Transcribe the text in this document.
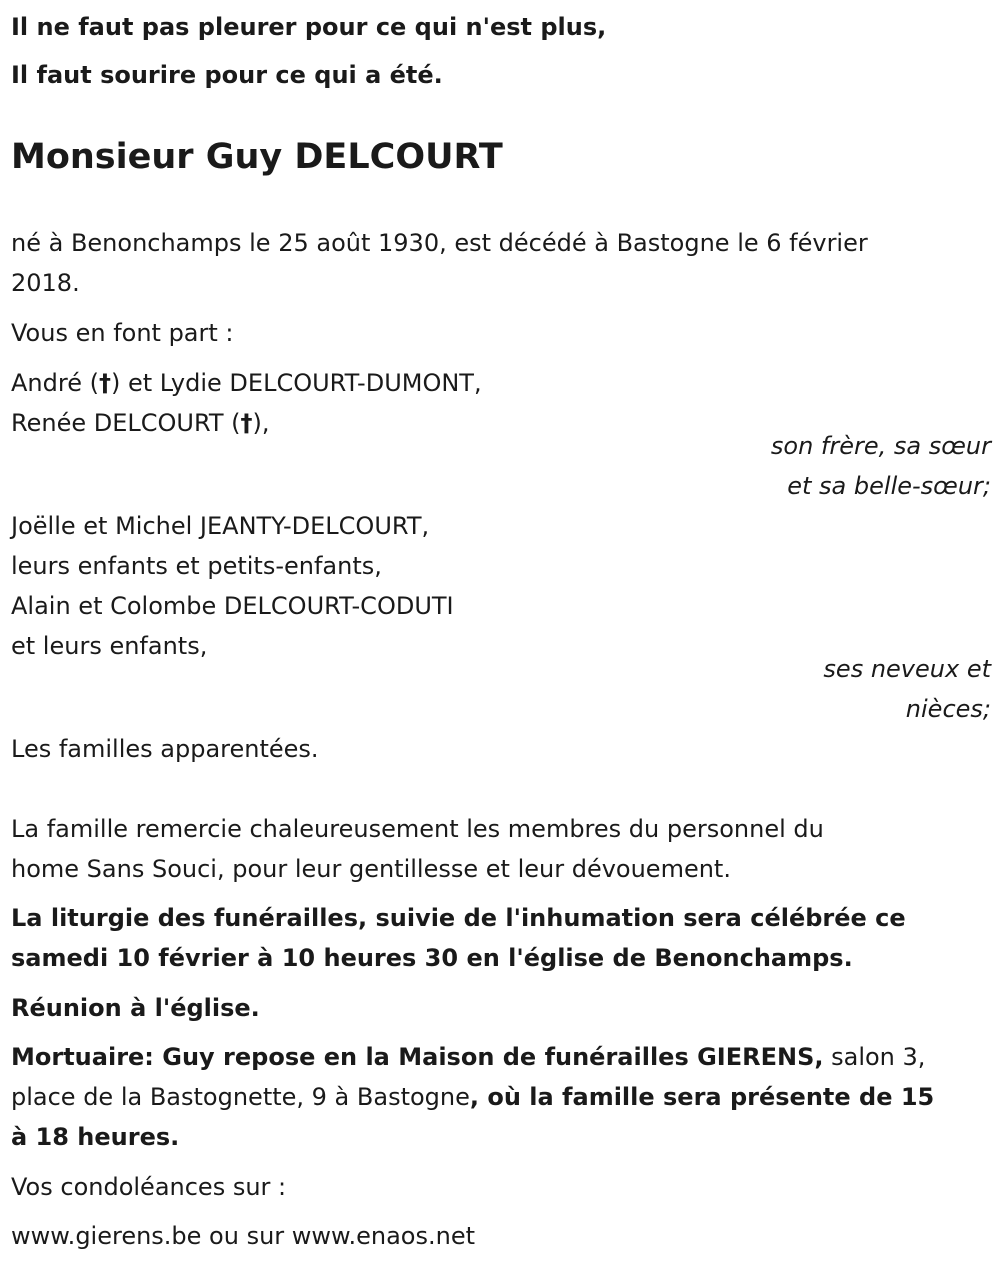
Il ne faut pas pleurer pour ce qui n'est plus,
Il faut sourire pour ce qui a été.
Monsieur Guy DELCOURT
né à Benonchamps le 25 août 1930, est décédé à Bastogne le 6 février
2018.
Vous en font part :
André (†) et Lydie DELCOURT-DUMONT,
Renée DELCOURT (†),
son frère, sa sœur
et sa belle-sœur;
Joëlle et Michel JEANTY-DELCOURT,
leurs enfants et petits-enfants,
Alain et Colombe DELCOURT-CODUTI
et leurs enfants,
ses neveux et
nièces;
Les familles apparentées.
La famille remercie chaleureusement les membres du personnel du
home Sans Souci, pour leur gentillesse et leur dévouement.
La liturgie des funérailles, suivie de l'inhumation sera célébrée ce
samedi 10 février à 10 heures 30 en l'église de Benonchamps.
Réunion à l'église.
Mortuaire: Guy repose en la Maison de funérailles GIERENS, salon 3,
place de la Bastognette, 9 à Bastogne, où la famille sera présente de 15
à 18 heures.
Vos condoléances sur :
www.gierens.be ou sur www.enaos.net
